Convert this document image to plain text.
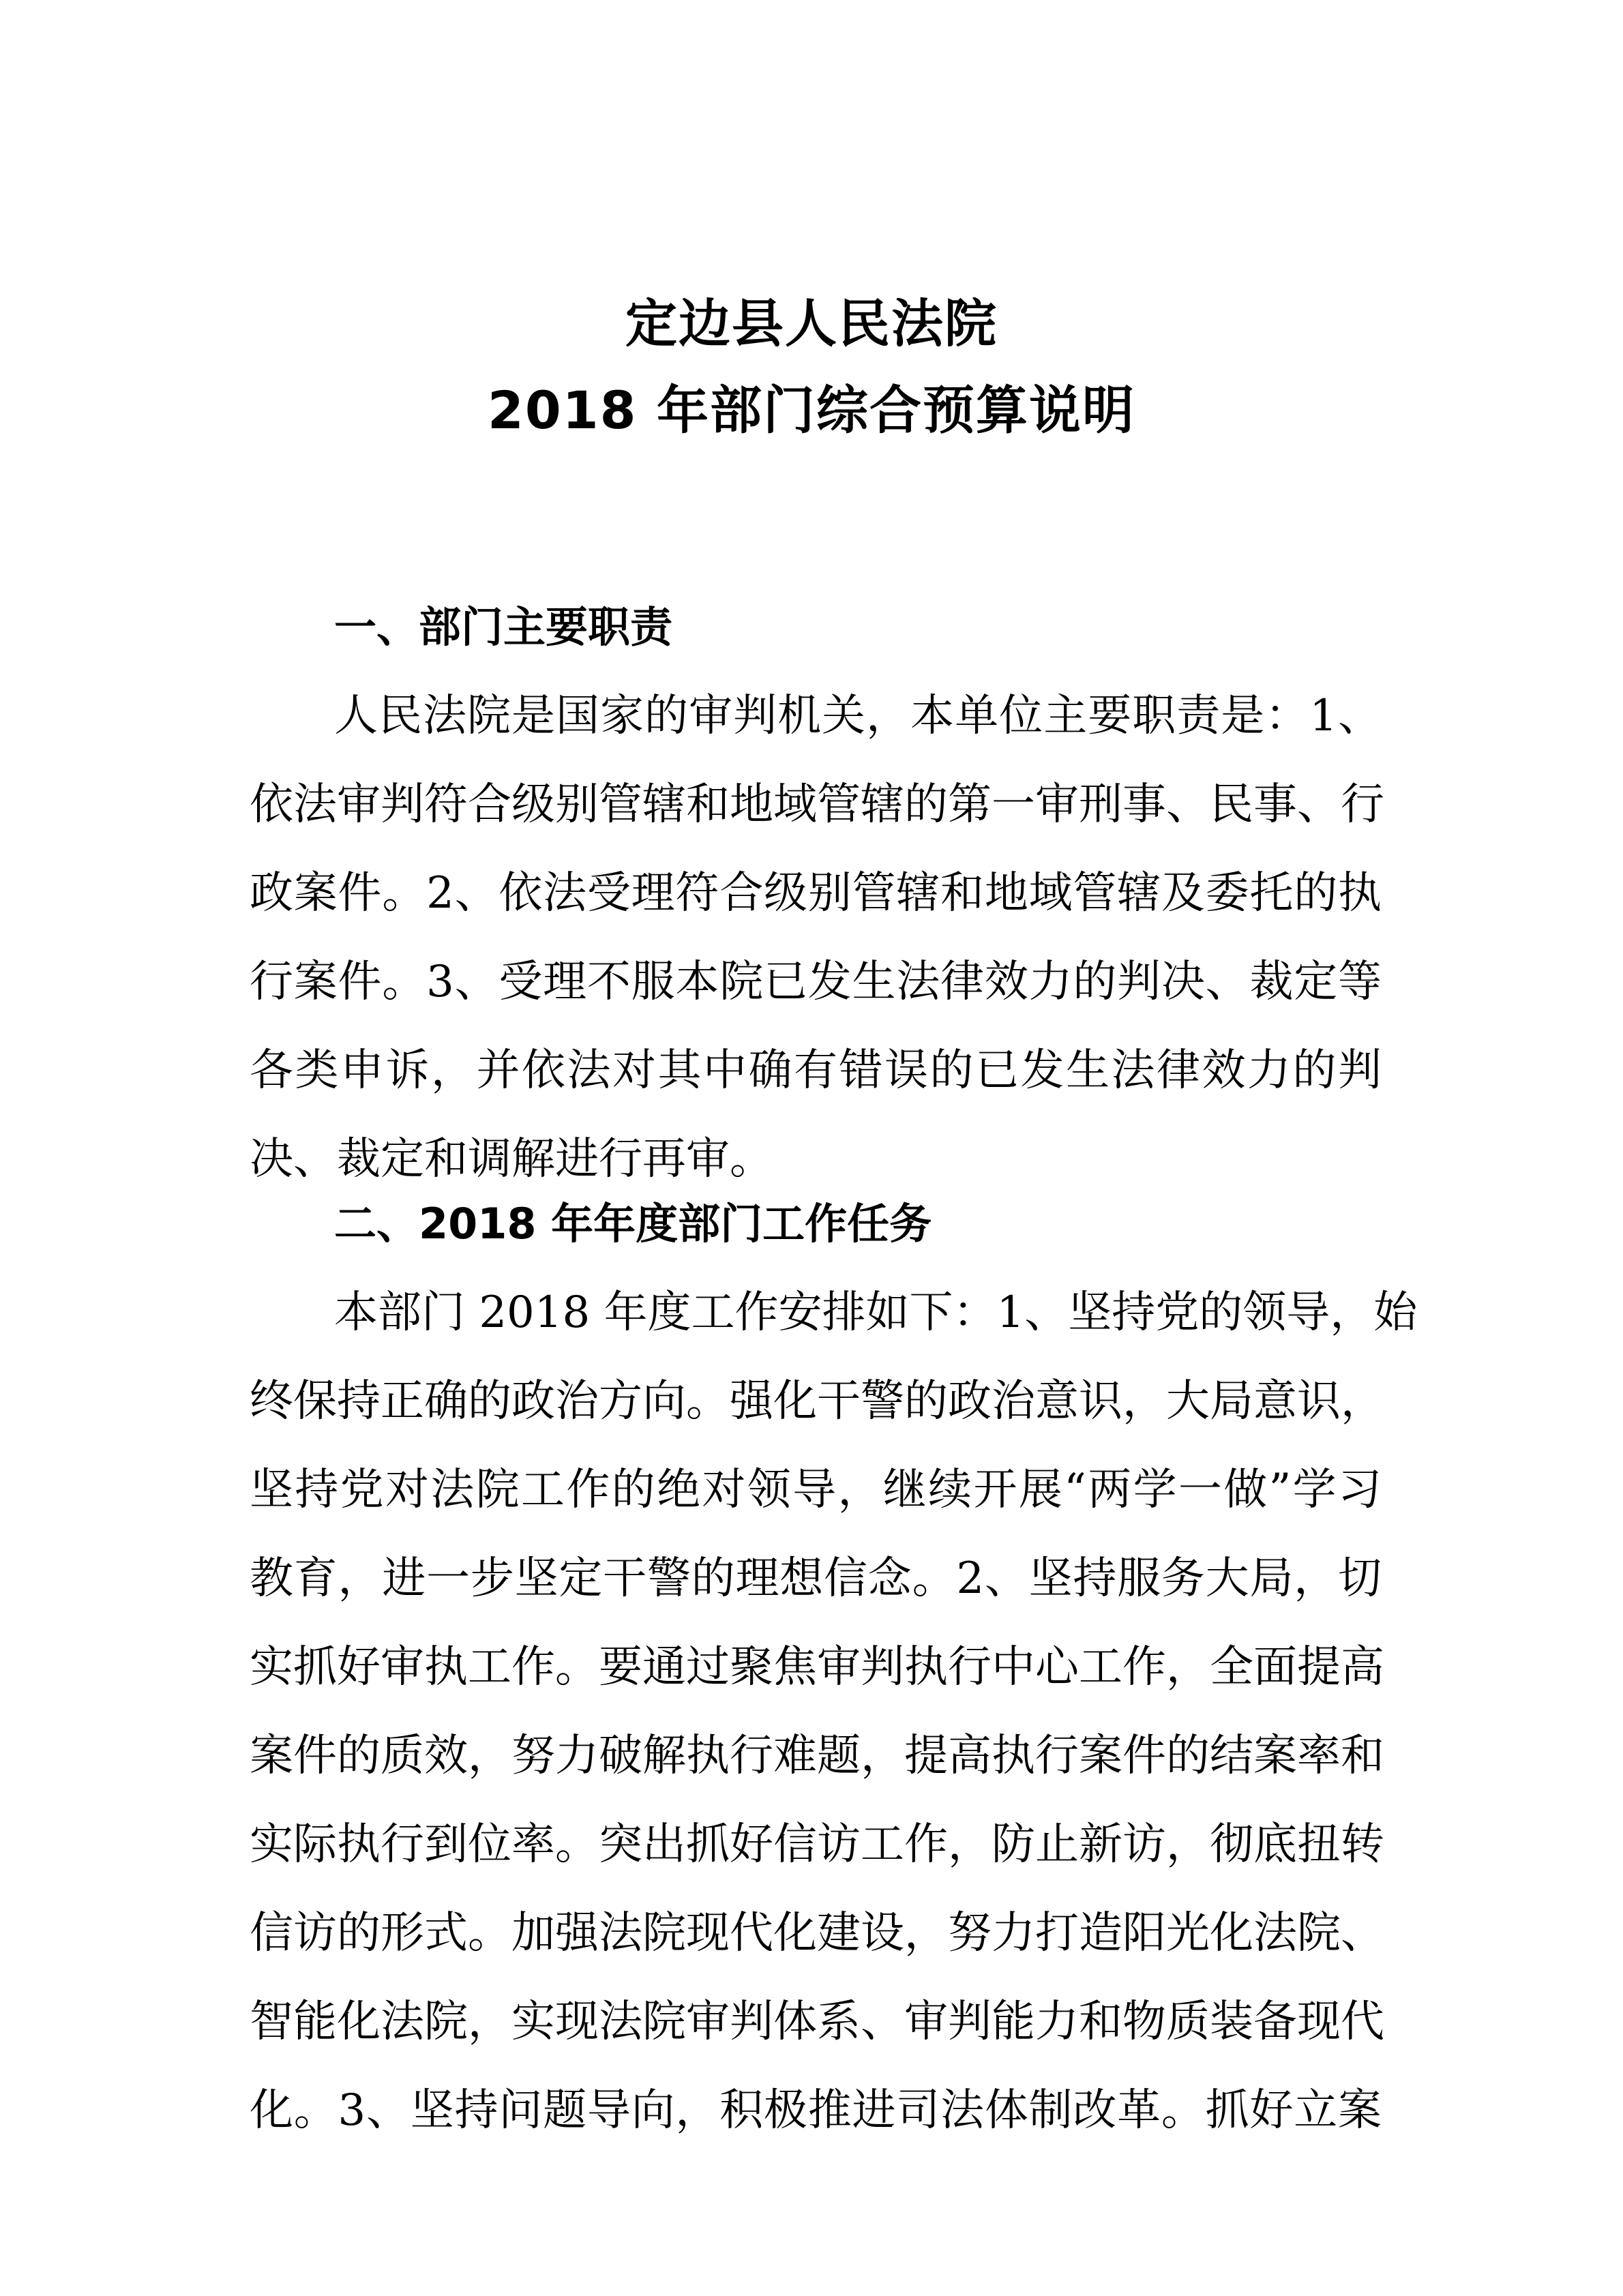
定边县人民法院
2018 年部门综合预算说明
一、部门主要职责
人民法院是国家的审判机关，本单位主要职责是：1、
依法审判符合级别管辖和地域管辖的第一审刑事、民事、行
政案件。2、依法受理符合级别管辖和地域管辖及委托的执
行案件。3、受理不服本院已发生法律效力的判决、裁定等
各类申诉，并依法对其中确有错误的已发生法律效力的判
决、裁定和调解进行再审。
二、2018 年年度部门工作任务
本部门 2018 年度工作安排如下：1、坚持党的领导，始
终保持正确的政治方向。强化干警的政治意识，大局意识，
坚持党对法院工作的绝对领导，继续开展“两学一做”学习
教育，进一步坚定干警的理想信念。2、坚持服务大局，切
实抓好审执工作。要通过聚焦审判执行中心工作，全面提高
案件的质效，努力破解执行难题，提高执行案件的结案率和
实际执行到位率。突出抓好信访工作，防止新访，彻底扭转
信访的形式。加强法院现代化建设，努力打造阳光化法院、
智能化法院，实现法院审判体系、审判能力和物质装备现代
化。3、坚持问题导向，积极推进司法体制改革。抓好立案
